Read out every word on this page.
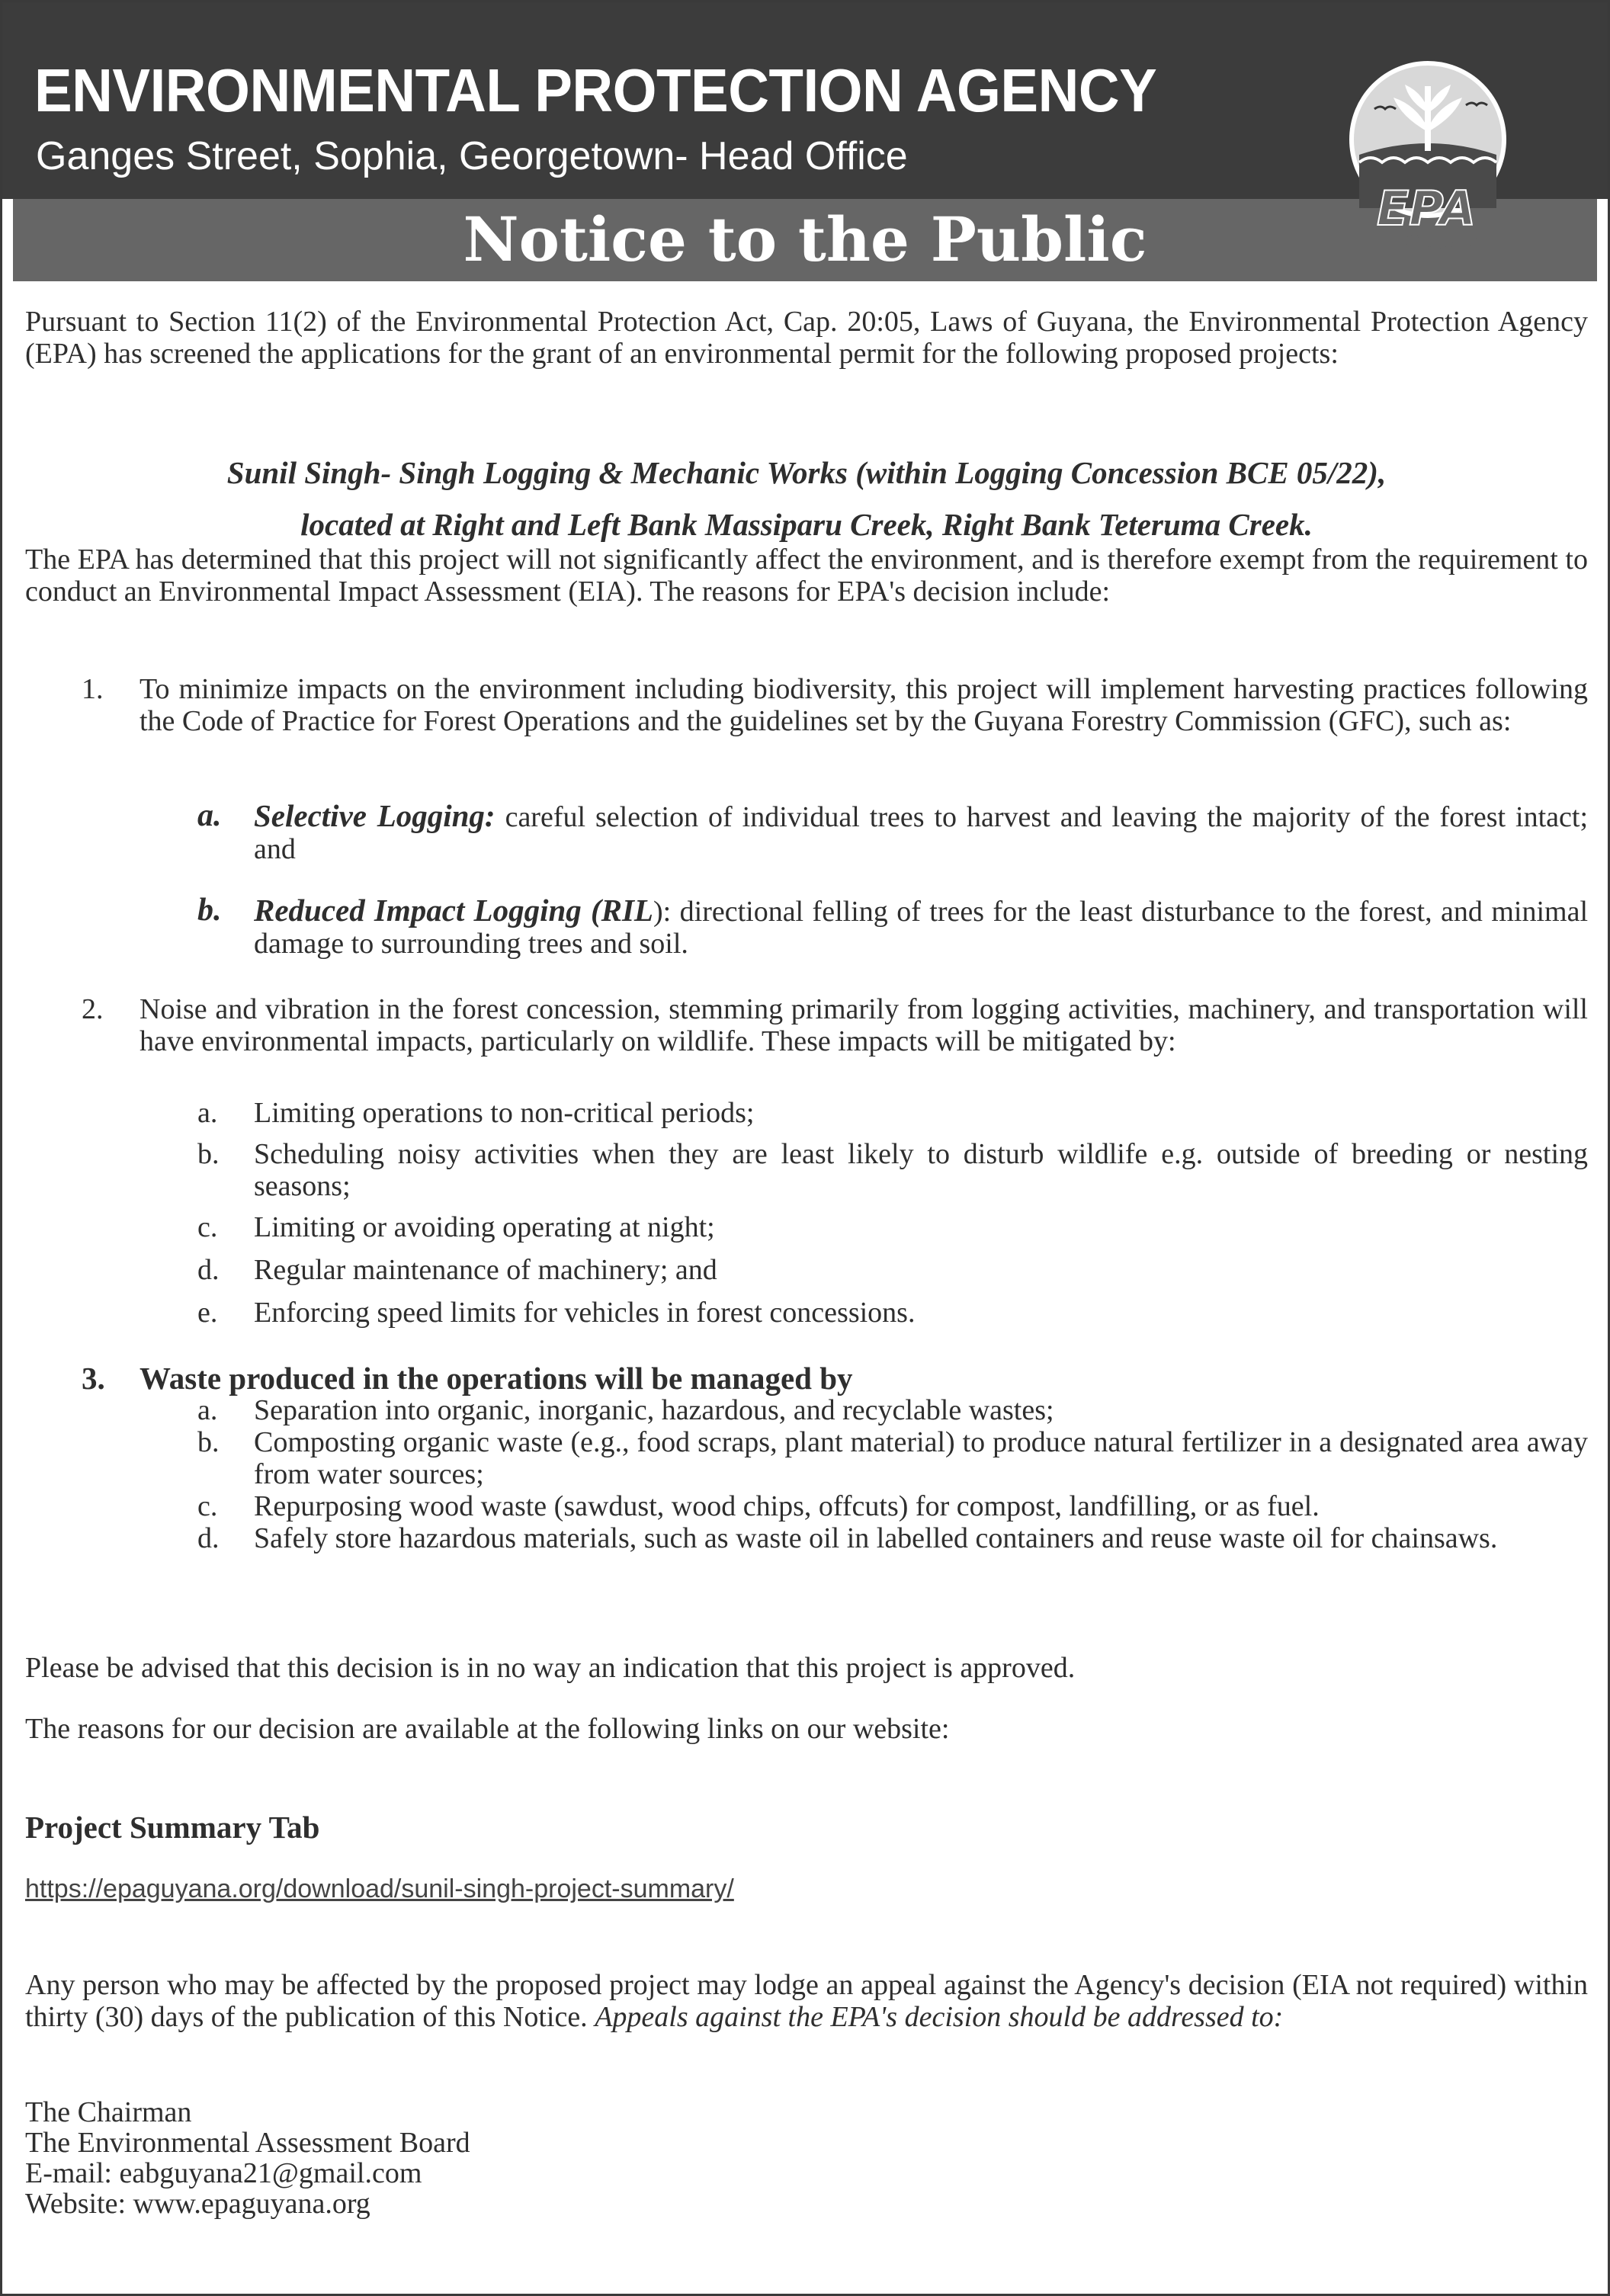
ENVIRONMENTAL PROTECTION AGENCY
Ganges Street, Sophia, Georgetown- Head Office
Notice to the Public	EPA
Guyana
Pursuant to Section 11(2) of the Environmental Protection Act, Cap. 20:05, Laws of Guyana, the Environmental Protection Agency (EPA) has screened the applications for the grant of an environmental permit for the following proposed projects:
Sunil Singh- Singh Logging & Mechanic Works (within Logging Concession BCE 05/22),
located at Right and Left Bank Massiparu Creek, Right Bank Teteruma Creek.
The EPA has determined that this project will not significantly affect the environment, and is therefore exempt from the requirement to conduct an Environmental Impact Assessment (EIA). The reasons for EPA's decision include:
1. To minimize impacts on the environment including biodiversity, this project will implement harvesting practices following the Code of Practice for Forest Operations and the guidelines set by the Guyana Forestry Commission (GFC), such as:
a. Selective Logging: careful selection of individual trees to harvest and leaving the majority of the forest intact; and
b. Reduced Impact Logging (RIL): directional felling of trees for the least disturbance to the forest, and minimal damage to surrounding trees and soil.
2. Noise and vibration in the forest concession, stemming primarily from logging activities, machinery, and transportation will have environmental impacts, particularly on wildlife. These impacts will be mitigated by:
a. Limiting operations to non-critical periods;
b. Scheduling noisy activities when they are least likely to disturb wildlife e.g. outside of breeding or nesting seasons;
c. Limiting or avoiding operating at night;
d. Regular maintenance of machinery; and
e. Enforcing speed limits for vehicles in forest concessions.
3. Waste produced in the operations will be managed by
a. Separation into organic, inorganic, hazardous, and recyclable wastes;
b. Composting organic waste (e.g., food scraps, plant material) to produce natural fertilizer in a designated area away from water sources;
c. Repurposing wood waste (sawdust, wood chips, offcuts) for compost, landfilling, or as fuel.
d. Safely store hazardous materials, such as waste oil in labelled containers and reuse waste oil for chainsaws.
Please be advised that this decision is in no way an indication that this project is approved.
The reasons for our decision are available at the following links on our website:
Project Summary Tab
https://epaguyana.org/download/sunil-singh-project-summary/
Any person who may be affected by the proposed project may lodge an appeal against the Agency's decision (EIA not required) within thirty (30) days of the publication of this Notice. Appeals against the EPA's decision should be addressed to:
The Chairman
The Environmental Assessment Board
E-mail: eabguyana21@gmail.com
Website: www.epaguyana.org
